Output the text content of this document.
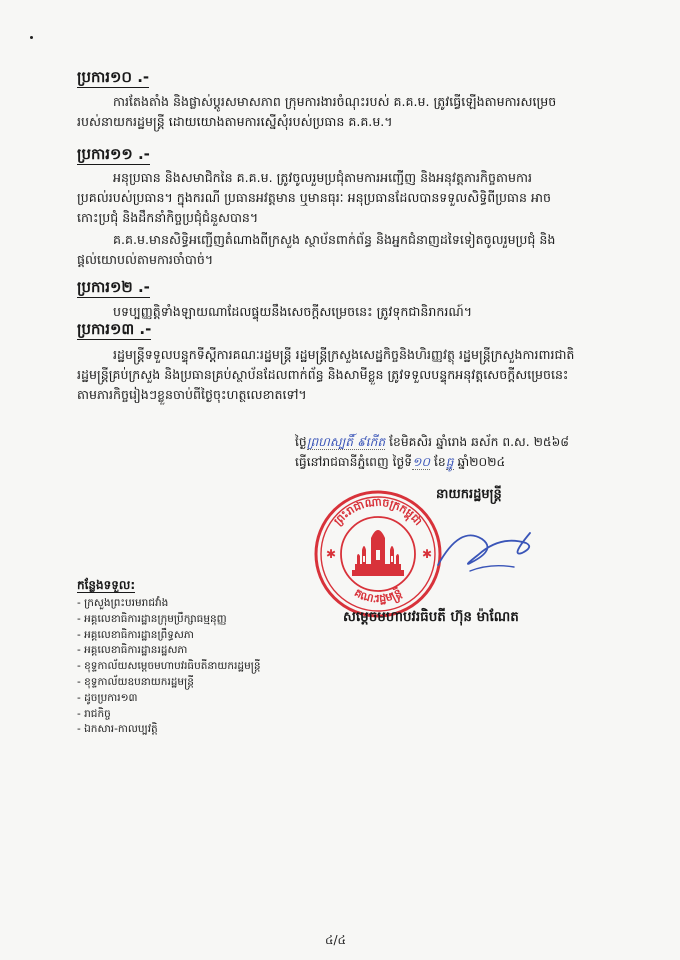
ប្រការ១០ .-
ការតែងតាំង និងផ្លាស់ប្ដូរសមាសភាព ក្រុមការងារចំណុះរបស់ គ.គ.ម. ត្រូវធ្វើឡើងតាមការសម្រេច
របស់នាយករដ្ឋមន្ត្រី ដោយយោងតាមការស្នើសុំរបស់ប្រធាន គ.គ.ម.។
ប្រការ១១ .-
អនុប្រធាន និងសមាជិកនៃ គ.គ.ម. ត្រូវចូលរួមប្រជុំតាមការអញ្ជើញ និងអនុវត្តភារកិច្ចតាមការ
ប្រគល់របស់ប្រធាន។ ក្នុងករណី ប្រធានអវត្តមាន ឬមានធុរៈ អនុប្រធានដែលបានទទួលសិទ្ធិពីប្រធាន អាច
កោះប្រជុំ និងដឹកនាំកិច្ចប្រជុំជំនួសបាន។
គ.គ.ម.មានសិទ្ធិអញ្ជើញតំណាងពីក្រសួង ស្ថាប័នពាក់ព័ន្ធ និងអ្នកជំនាញដទៃទៀតចូលរួមប្រជុំ និង
ផ្ដល់យោបល់តាមការចាំបាច់។
ប្រការ១២ .-
បទប្បញ្ញត្តិទាំងឡាយណាដែលផ្ទុយនឹងសេចក្ដីសម្រេចនេះ ត្រូវទុកជានិរាករណ៍។
ប្រការ១៣ .-
រដ្ឋមន្ត្រីទទួលបន្ទុកទីស្ដីការគណៈរដ្ឋមន្ត្រី រដ្ឋមន្ត្រីក្រសួងសេដ្ឋកិច្ចនិងហិរញ្ញវត្ថុ រដ្ឋមន្ត្រីក្រសួងការពារជាតិ
រដ្ឋមន្ត្រីគ្រប់ក្រសួង និងប្រធានគ្រប់ស្ថាប័នដែលពាក់ព័ន្ធ និងសាមីខ្លួន ត្រូវទទួលបន្ទុកអនុវត្តសេចក្ដីសម្រេចនេះ
តាមភារកិច្ចរៀងៗខ្លួនចាប់ពីថ្ងៃចុះហត្ថលេខាតទៅ។
ថ្ងៃព្រហស្បតិ៍ ៩កើត ខែមិគសិរ ឆ្នាំរោង ឆស័ក ព.ស. ២៥៦៨
ធ្វើនៅរាជធានីភ្នំពេញ ថ្ងៃទី១០ ខែធ្នូ ឆ្នាំ២០២៤
ព្រះរាជាណាចក្រកម្ពុជា
គណៈរដ្ឋមន្ត្រី
✱	✱
នាយករដ្ឋមន្ត្រី
សម្ដេចមហាបវរធិបតី ហ៊ុន ម៉ាណែត
កន្លែងទទួល:
- ក្រសួងព្រះបរមរាជវាំង
- អគ្គលេខាធិការដ្ឋានក្រុមប្រឹក្សាធម្មនុញ្ញ
- អគ្គលេខាធិការដ្ឋានព្រឹទ្ធសភា
- អគ្គលេខាធិការដ្ឋានរដ្ឋសភា
- ខុទ្ទកាល័យសម្ដេចមហាបវរធិបតីនាយករដ្ឋមន្ត្រី
- ខុទ្ទកាល័យឧបនាយករដ្ឋមន្ត្រី
- ដូចប្រការ១៣
- រាជកិច្ច
- ឯកសារ-កាលប្បវត្តិ
៤/៤
